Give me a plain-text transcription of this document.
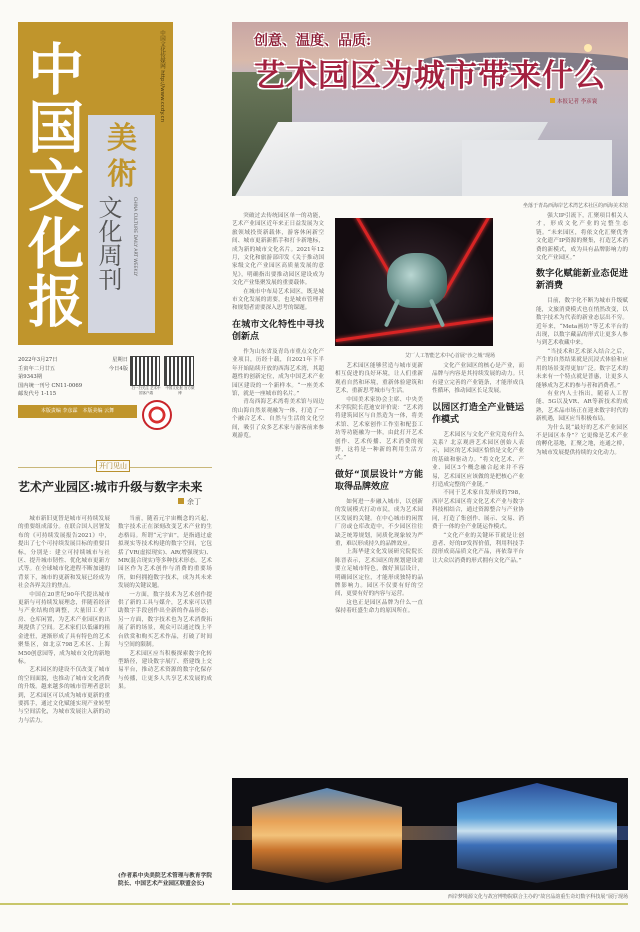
中国文化报	中国文化传媒网 http://www.ccdy.cn
美術
文化周刊 CHINA CULTURE DAILY ART WEEKLY
2022年3月27日	星期日
壬寅年二月廿五	今日4版
第9343期
国内统一刊号 CN11-0069
邮发代号 1-115
扫一扫关注 艺术中国客户端
中国文化报 官方微博
本版责编 李彦霖　本版美编 云舞
开门见山
艺术产业园区:城市升级与数字未来
余丁

城市新旧更替是城市可持续发展的重要组成部分。在联合国人居署发布的《可持续发展报告2021》中，提出了七个可持续发展目标的重要目标，分别是：建立可持续城市与社区、提升城市韧性、优化城市更新方式等。在全球城市化进程不断加速的背景下，城市的更新和发展已经成为社会各界关注的焦点。

中国在20世纪90年代提出城市更新与可持续发展理念，伴随着经济与产业结构的调整，大量旧工业厂房、仓库闲置，为艺术产业园区的出现提供了空间。艺术家们以低廉的租金进驻，逐渐形成了具有特色的艺术聚集区，如北京798艺术区、上海M50创意园等，成为城市文化的新地标。

艺术园区的建设不仅改变了城市的空间面貌，也推动了城市文化消费的升级。越来越多的城市管理者意识到，艺术园区可以成为城市更新的重要抓手，通过文化赋能实现产业转型与空间活化，为城市发展注入新的动力与活力。

当前，随着元宇宙概念的兴起，数字技术正在深刻改变艺术产业的生态格局。所谓“元宇宙”，是指通过虚拟现实等技术构建的数字空间，它包括了VR(虚拟现实)、AR(增强现实)、MR(混合现实)等多种技术形态。艺术园区作为艺术创作与消费的重要场所，如何拥抱数字技术，成为其未来发展的关键议题。

一方面，数字技术为艺术创作提供了新的工具与媒介，艺术家可以借助数字手段创作出全新的作品形态；另一方面，数字技术也为艺术消费拓展了新的场景，观众可以通过线上平台欣赏和购买艺术作品，打破了时间与空间的限制。

艺术园区应当积极探索数字化转型路径，建设数字展厅、搭建线上交易平台，推动艺术资源的数字化保存与传播，让更多人共享艺术发展的成果。

(作者系中央美院艺术管理与教育学院院长、中国艺术产业园区联盟会长)
创意、温度、品质:
艺术园区为城市带来什么
本报记者 李彦寰
坐落于青岛西海岸艺术湾艺术社区的西海美术馆

突破过去传统园区单一的功能，艺术产业园区近年来正日益发展为文旅领域投资新载体，游客休闲新空间、城市更新新抓手和打卡新地标，成为新的城市文化名片。2021年12月，文化和旅游部印发《关于推动国家级文化产业园区高质量发展的意见》，明确指出要推动园区建设成为文化产业集聚发展的重要载体。

在城市中布局艺术园区，既是城市文化发展的需要，也是城市管理者和规划者需要深入思考的课题。

在城市文化特性中寻找创新点

作为山东省及青岛市重点文化产业项目，历经十载，自2021年下半年开始陆续开放的西海艺术湾，其超越性的创新定位，成为中国艺术产业园区建设的一个新样本。“一座美术馆，就是一座城市的名片。”

青岛西海艺术湾将美术馆与周边的山海自然景观融为一体，打造了一个融合艺术、自然与生活的文化空间，吸引了众多艺术家与游客前来参观游览。

艾厂人工智能艺术中心首展“沙之城”现场

艺术园区能够营造与城市更新相互促进的良好环境，让人们重新观看自然和环境，重新体验建筑和艺术，重新思考城市与生活。

中国美术家协会主席、中央美术学院院长范迪安评价说：“艺术湾将建筑园区与自然造为一体，将美术馆、艺术家创作工作室和配套工坊等功能融为一体，由此打开艺术创作、艺术传播、艺术消费的视野，这将是一种新的利用生活方式。”

做好“顶层设计”方能取得品牌效应

如何进一步融入城市，以创新的发展模式打动市民，成为艺术园区发展的关键。在中心城市的闲置厂房或仓库改造中，不少园区往往缺乏统筹规划，同质化现象较为严重，难以形成持久的品牌效应。

上海华建文化发展研究院院长陈晋表示，艺术园区的规划建设需要立足城市特色，做好顶层设计，明确园区定位，才能形成独特的品牌影响力。园区不仅要有好的空间，更要有好的内容与运营。

这也正是园区品牌为什么一直保持着旺盛生命力的原因所在。

文化产业园区的核心是产业，而品牌与内容是其持续发展的动力。只有建立完善的产业链条，才能形成良性循环，推动园区长足发展。

以园区打造全产业链运作模式

艺术园区与文化产业究竟有什么关系？北京观唐艺术园区创始人表示，园区的艺术园区恰恰是文化产业的基础和驱动力。“将文化艺术、产业、园区3个概念融合起来并不容易，艺术园区应该做的是把核心产业打造成完整的产业链。”

不同于艺术家自发形成的798，西岸艺术园区将文化艺术产业与数字科技相结合，通过资源整合与产业协同，打造了集创作、展示、交易、消费于一体的全产业链运作模式。

“文化产业的关键环节就是让创意者、好的IP发挥价值，利用科技手段形成高品质文化产品，再依靠平台让大众以消费的形式拥有文化产品。”

强大IP引流下，汇聚项目相关人才，形成文化产业的完整生态链。“未来园区，将依文化汇聚优秀文化遗产IP资源的聚集，打造艺术消费的新模式，成为具有品牌影响力的文化产业园区。”

数字化赋能新业态促进新消费

目前，数字化不断为城市升级赋能，文旅消费模式也在悄然改变，以数字技术为代表的新业态层出不穷。近年来，“Meta画坊”等艺术平台的出现，以数字藏品的形式让更多人参与到艺术收藏中来。

“当技术和艺术深入结合之后，产生的自然结果就是沉浸式体验和应用的场景变得更加广泛。数字艺术的未来有一个特点就是普惠，让更多人能够成为艺术的参与者和消费者。”

有业内人士指出，随着人工智能、5G以及VR、AR等新技术的成熟，艺术品市场正在迎来数字时代的新机遇，园区应当积极布局。

为什么说“最好的艺术产业园区不是园区本身”？它更像是艺术产业的孵化基地，汇聚之地，连通之桥，为城市发展提供持续的文化动力。

西岸梦境源文化与故宫博物院联合主办的“故宫品韵重生奇幻数字科技展”展厅现场
